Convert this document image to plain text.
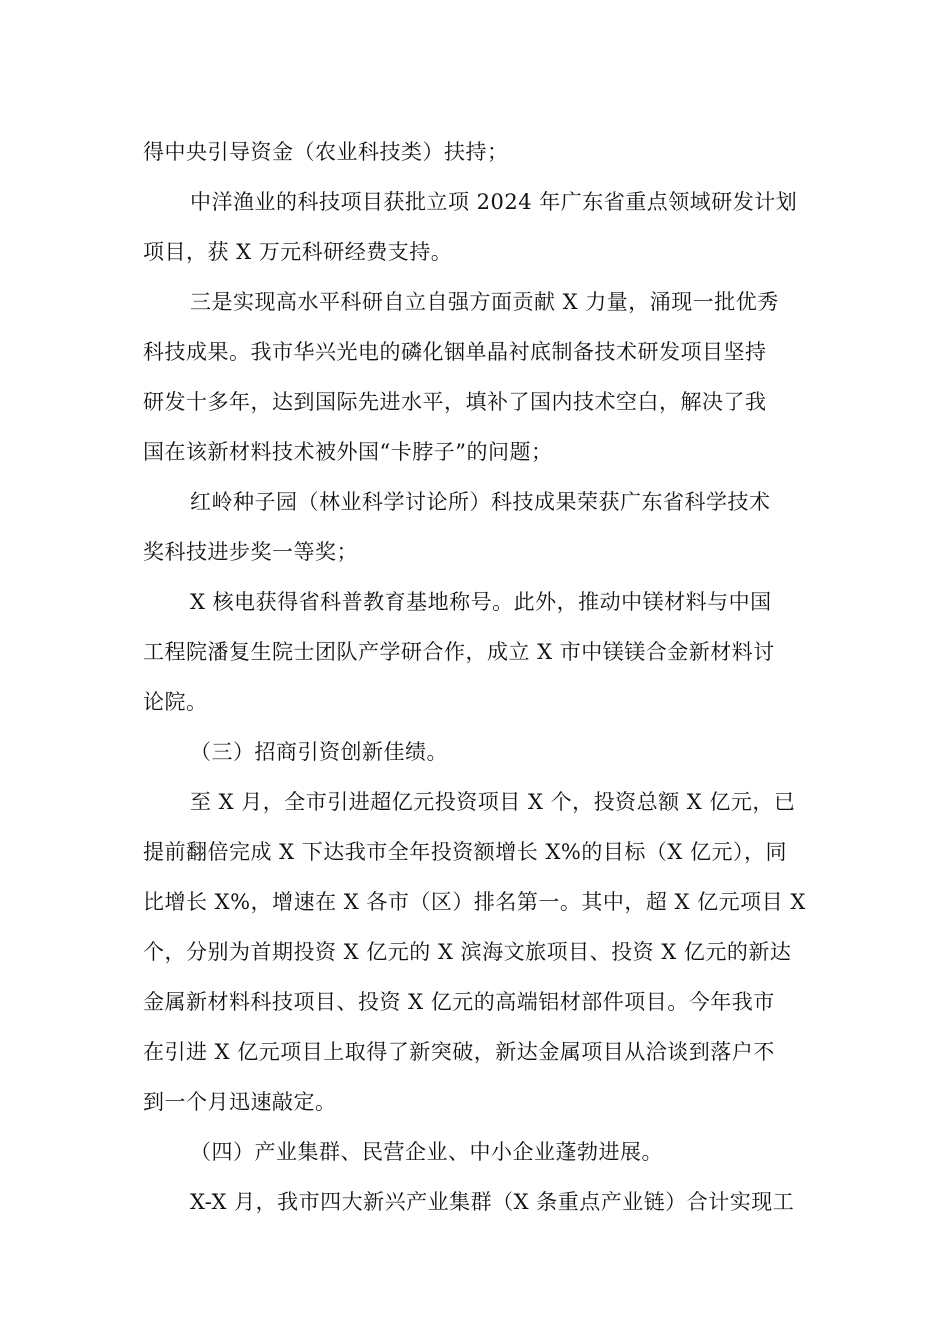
得中央引导资金（农业科技类）扶持；
中洋渔业的科技项目获批立项 2024 年广东省重点领域研发计划
项目，获 X 万元科研经费支持。
三是实现高水平科研自立自强方面贡献 X 力量，涌现一批优秀
科技成果。我市华兴光电的磷化铟单晶衬底制备技术研发项目坚持
研发十多年，达到国际先进水平，填补了国内技术空白，解决了我
国在该新材料技术被外国“卡脖子”的问题；
红岭种子园（林业科学讨论所）科技成果荣获广东省科学技术
奖科技进步奖一等奖；
X 核电获得省科普教育基地称号。此外，推动中镁材料与中国
工程院潘复生院士团队产学研合作，成立 X 市中镁镁合金新材料讨
论院。
（三）招商引资创新佳绩。
至 X 月，全市引进超亿元投资项目 X 个，投资总额 X 亿元，已
提前翻倍完成 X 下达我市全年投资额增长 X%的目标（X 亿元），同
比增长 X%，增速在 X 各市（区）排名第一。其中，超 X 亿元项目 X
个，分别为首期投资 X 亿元的 X 滨海文旅项目、投资 X 亿元的新达
金属新材料科技项目、投资 X 亿元的高端铝材部件项目。今年我市
在引进 X 亿元项目上取得了新突破，新达金属项目从洽谈到落户不
到一个月迅速敲定。
（四）产业集群、民营企业、中小企业蓬勃进展。
X-X 月，我市四大新兴产业集群（X 条重点产业链）合计实现工
